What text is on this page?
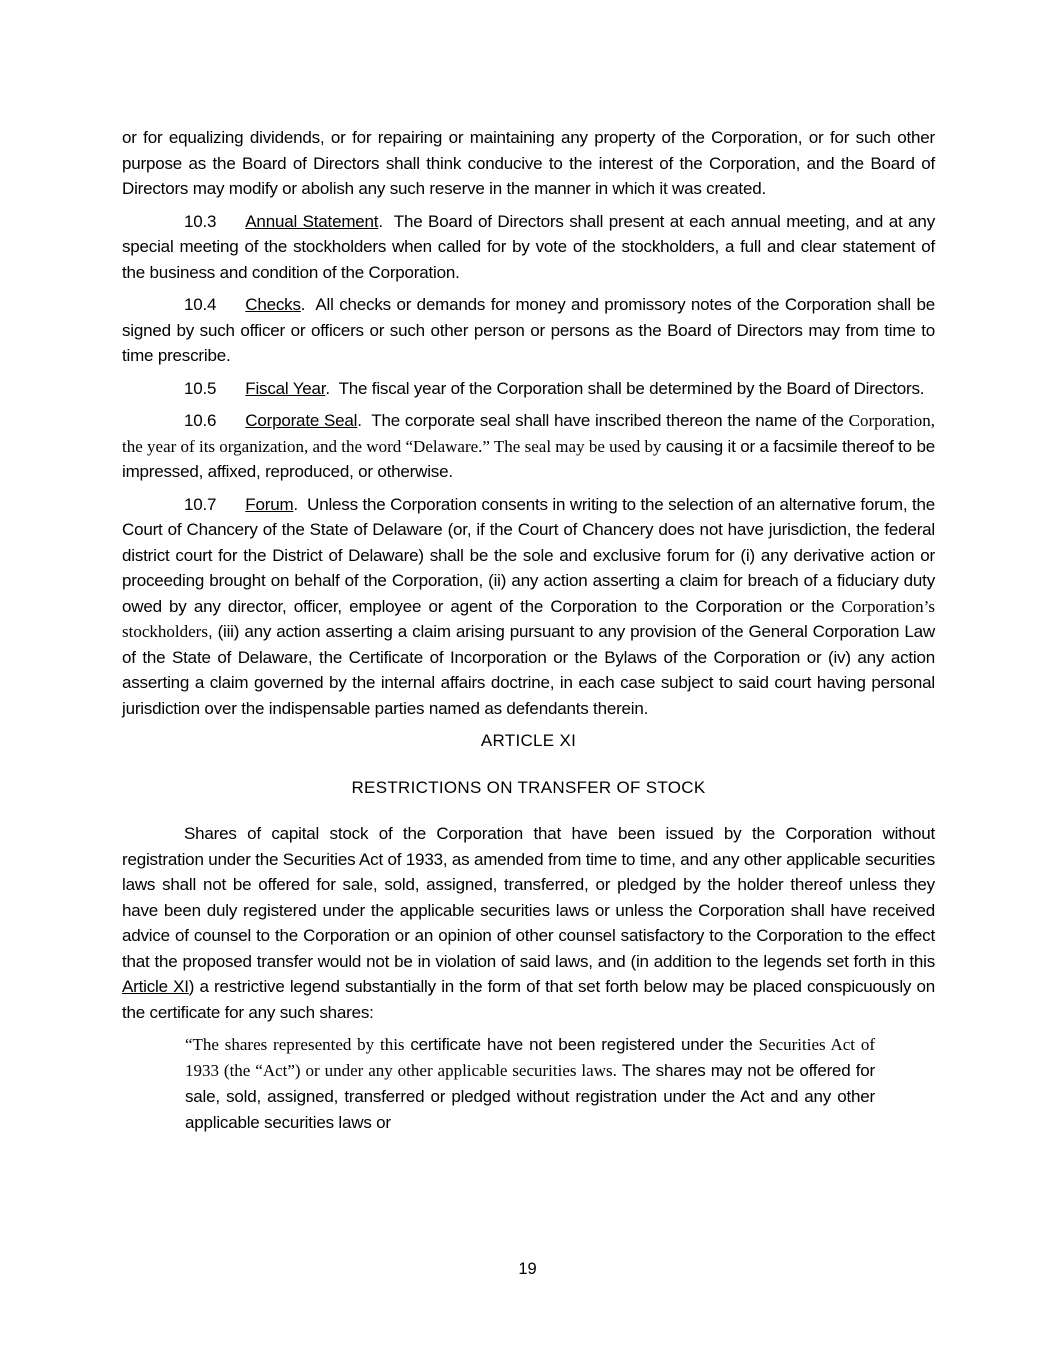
or for equalizing dividends, or for repairing or maintaining any property of the Corporation, or for such other purpose as the Board of Directors shall think conducive to the interest of the Corporation, and the Board of Directors may modify or abolish any such reserve in the manner in which it was created.

10.3 Annual Statement.  The Board of Directors shall present at each annual meeting, and at any special meeting of the stockholders when called for by vote of the stockholders, a full and clear statement of the business and condition of the Corporation.

10.4 Checks.  All checks or demands for money and promissory notes of the Corporation shall be signed by such officer or officers or such other person or persons as the Board of Directors may from time to time prescribe.

10.5 Fiscal Year.  The fiscal year of the Corporation shall be determined by the Board of Directors.

10.6 Corporate Seal.  The corporate seal shall have inscribed thereon the name of the Corporation, the year of its organization, and the word “Delaware.” The seal may be used by causing it or a facsimile thereof to be impressed, affixed, reproduced, or otherwise.

10.7 Forum.  Unless the Corporation consents in writing to the selection of an alternative forum, the Court of Chancery of the State of Delaware (or, if the Court of Chancery does not have jurisdiction, the federal district court for the District of Delaware) shall be the sole and exclusive forum for (i) any derivative action or proceeding brought on behalf of the Corporation, (ii) any action asserting a claim for breach of a fiduciary duty owed by any director, officer, employee or agent of the Corporation to the Corporation or the Corporation’s stockholders, (iii) any action asserting a claim arising pursuant to any provision of the General Corporation Law of the State of Delaware, the Certificate of Incorporation or the Bylaws of the Corporation or (iv) any action asserting a claim governed by the internal affairs doctrine, in each case subject to said court having personal jurisdiction over the indispensable parties named as defendants therein.

ARTICLE XI
RESTRICTIONS ON TRANSFER OF STOCK

Shares of capital stock of the Corporation that have been issued by the Corporation without registration under the Securities Act of 1933, as amended from time to time, and any other applicable securities laws shall not be offered for sale, sold, assigned, transferred, or pledged by the holder thereof unless they have been duly registered under the applicable securities laws or unless the Corporation shall have received advice of counsel to the Corporation or an opinion of other counsel satisfactory to the Corporation to the effect that the proposed transfer would not be in violation of said laws, and (in addition to the legends set forth in this Article XI) a restrictive legend substantially in the form of that set forth below may be placed conspicuously on the certificate for any such shares:

“The shares represented by this certificate have not been registered under the Securities Act of 1933 (the “Act”) or under any other applicable securities laws. The shares may not be offered for sale, sold, assigned, transferred or pledged without registration under the Act and any other applicable securities laws or
19
